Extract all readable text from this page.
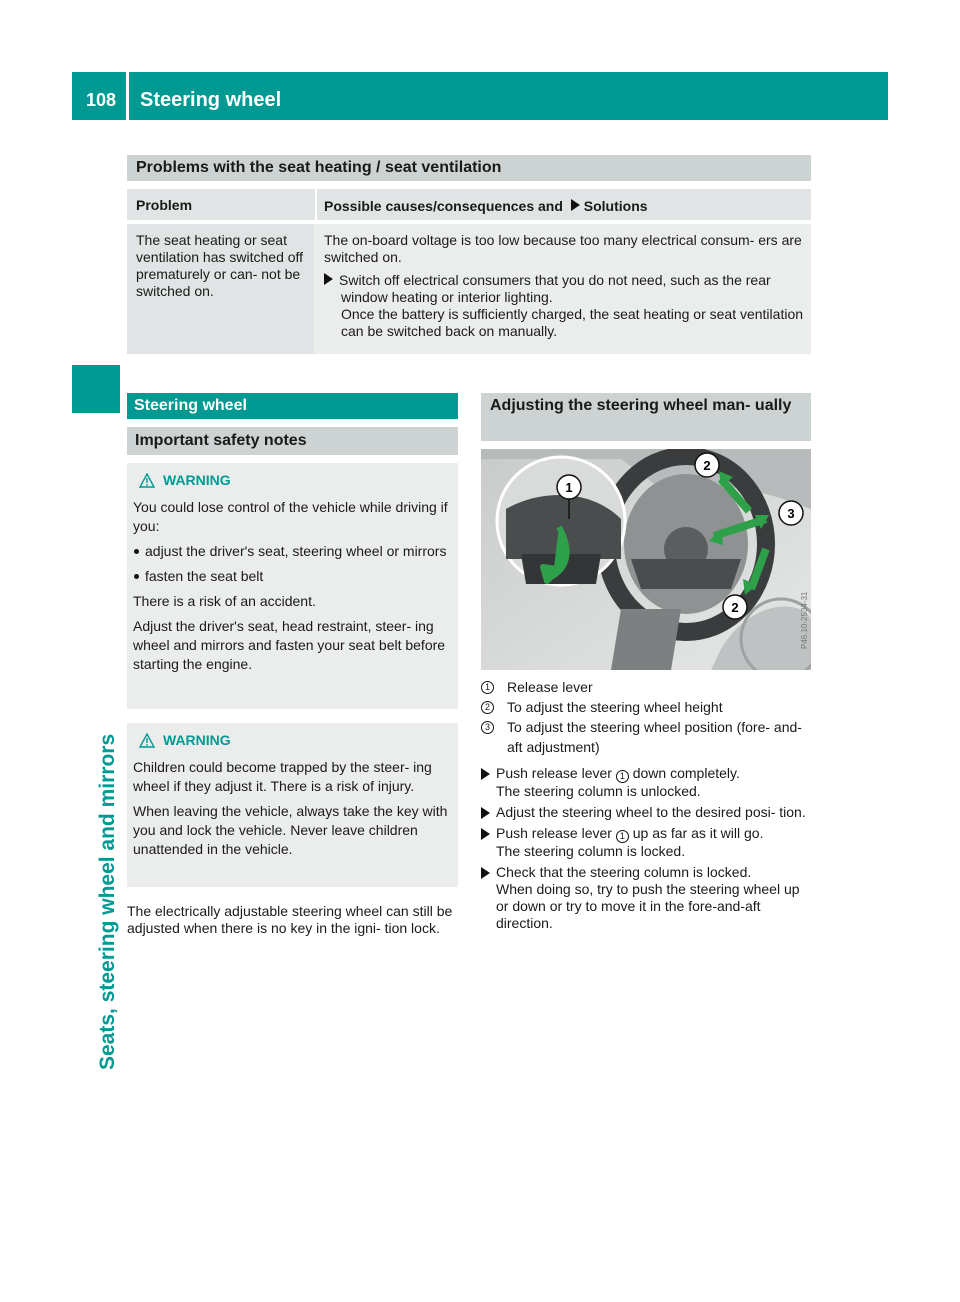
108	Steering wheel
Seats, steering wheel and mirrors
Problems with the seat heating / seat ventilation
Problem	Possible causes/consequences and Solutions

The seat heating or seat ventilation has switched off prematurely or can- not be switched on.

The on-board voltage is too low because too many electrical consum- ers are switched on.

Switch off electrical consumers that you do not need, such as the rear window heating or interior lighting.
Once the battery is sufficiently charged, the seat heating or seat ventilation can be switched back on manually.

Steering wheel
Important safety notes

WARNING

You could lose control of the vehicle while driving if you:

adjust the driver's seat, steering wheel or mirrors

fasten the seat belt

There is a risk of an accident.

Adjust the driver's seat, head restraint, steer- ing wheel and mirrors and fasten your seat belt before starting the engine.

WARNING

Children could become trapped by the steer- ing wheel if they adjust it. There is a risk of injury.

When leaving the vehicle, always take the key with you and lock the vehicle. Never leave children unattended in the vehicle.

The electrically adjustable steering wheel can still be adjusted when there is no key in the igni- tion lock.

Adjusting the steering wheel man- ually
1
2
3
2	P46.10-2534-31
1 Release lever
2 To adjust the steering wheel height
3 To adjust the steering wheel position (fore- and-aft adjustment)
Push release lever 1 down completely.
The steering column is unlocked.
Adjust the steering wheel to the desired posi- tion.
Push release lever 1 up as far as it will go.
The steering column is locked.
Check that the steering column is locked.
When doing so, try to push the steering wheel up or down or try to move it in the fore-and-aft direction.
